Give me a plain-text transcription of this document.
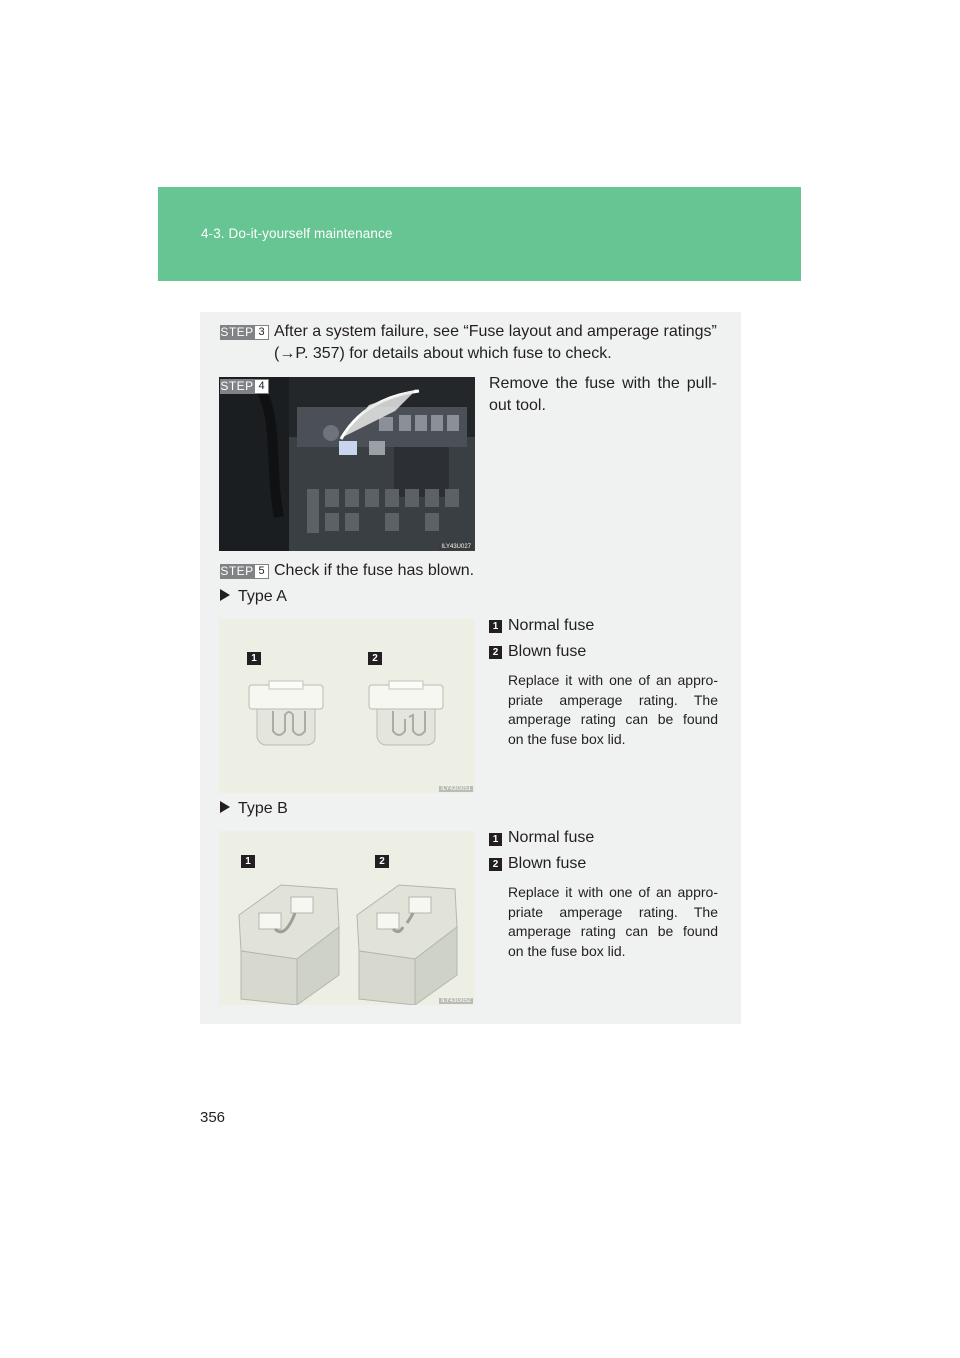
4-3. Do-it-yourself maintenance
STEP 3 After a system failure, see “Fuse layout and amperage ratings”
(→P. 357) for details about which fuse to check.
ILY43U027
STEP 4	Remove the fuse with the pull-
out tool.
STEP 5 Check if the fuse has blown.
Type A
1	2
ILY43G051
1 Normal fuse
2 Blown fuse
Replace it with one of an appro-
priate amperage rating. The
amperage rating can be found
on the fuse box lid.
Type B
1	2
ILY43G052
1 Normal fuse
2 Blown fuse
Replace it with one of an appro-
priate amperage rating. The
amperage rating can be found
on the fuse box lid.
356
